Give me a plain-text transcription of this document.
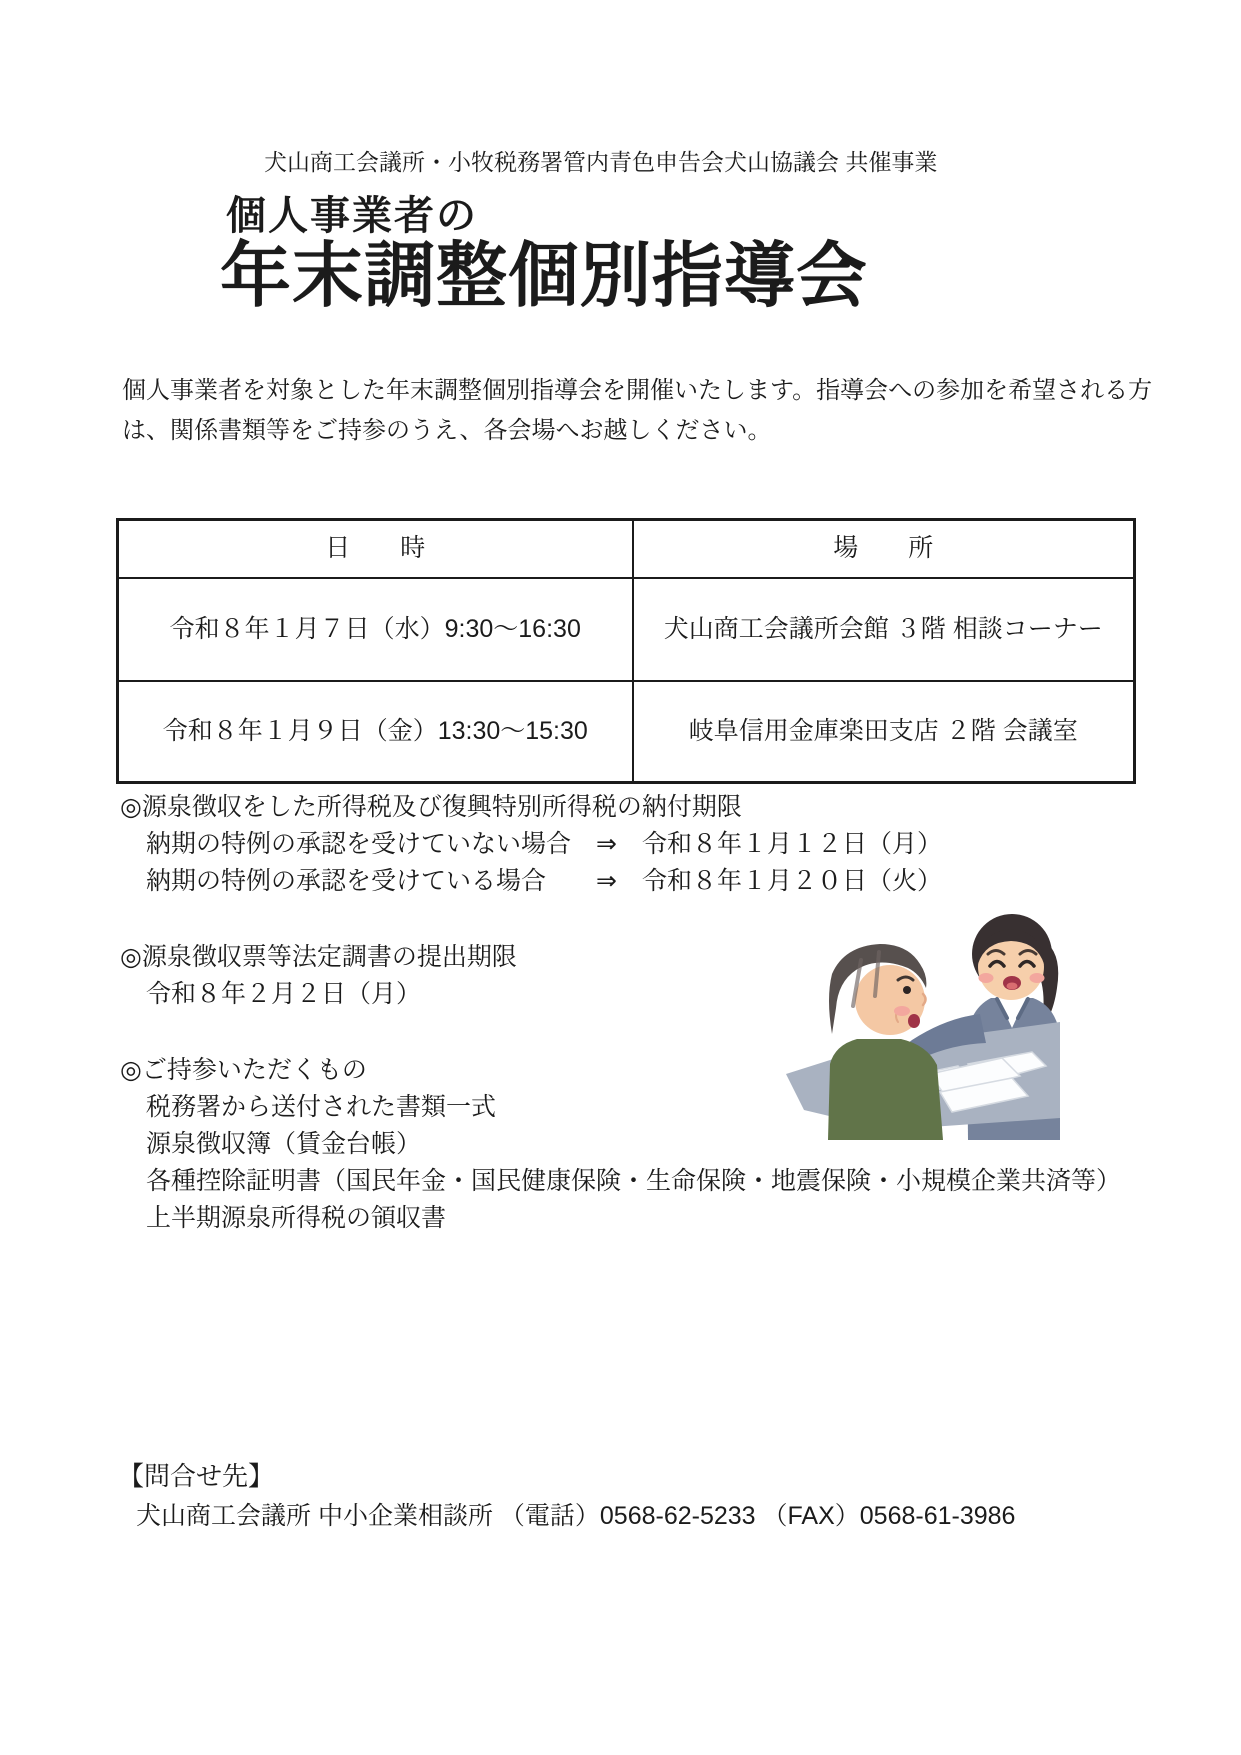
犬山商工会議所・小牧税務署管内青色申告会犬山協議会 共催事業
個人事業者の
年末調整個別指導会

個人事業者を対象とした年末調整個別指導会を開催いたします。指導会への参加を希望される方
は、関係書類等をご持参のうえ、各会場へお越しください。

日　　時	場　　所
令和８年１月７日（水）9:30～16:30	犬山商工会議所会館 ３階 相談コーナー
令和８年１月９日（金）13:30～15:30	岐阜信用金庫楽田支店 ２階 会議室

◎源泉徴収をした所得税及び復興特別所得税の納付期限
納期の特例の承認を受けていない場合　⇒　令和８年１月１２日（月）
納期の特例の承認を受けている場合　　⇒　令和８年１月２０日（火）
◎源泉徴収票等法定調書の提出期限
令和８年２月２日（月）
◎ご持参いただくもの
税務署から送付された書類一式
源泉徴収簿（賃金台帳）
各種控除証明書（国民年金・国民健康保険・生命保険・地震保険・小規模企業共済等）
上半期源泉所得税の領収書
【問合せ先】
犬山商工会議所 中小企業相談所 （電話）0568-62-5233 （FAX）0568-61-3986
